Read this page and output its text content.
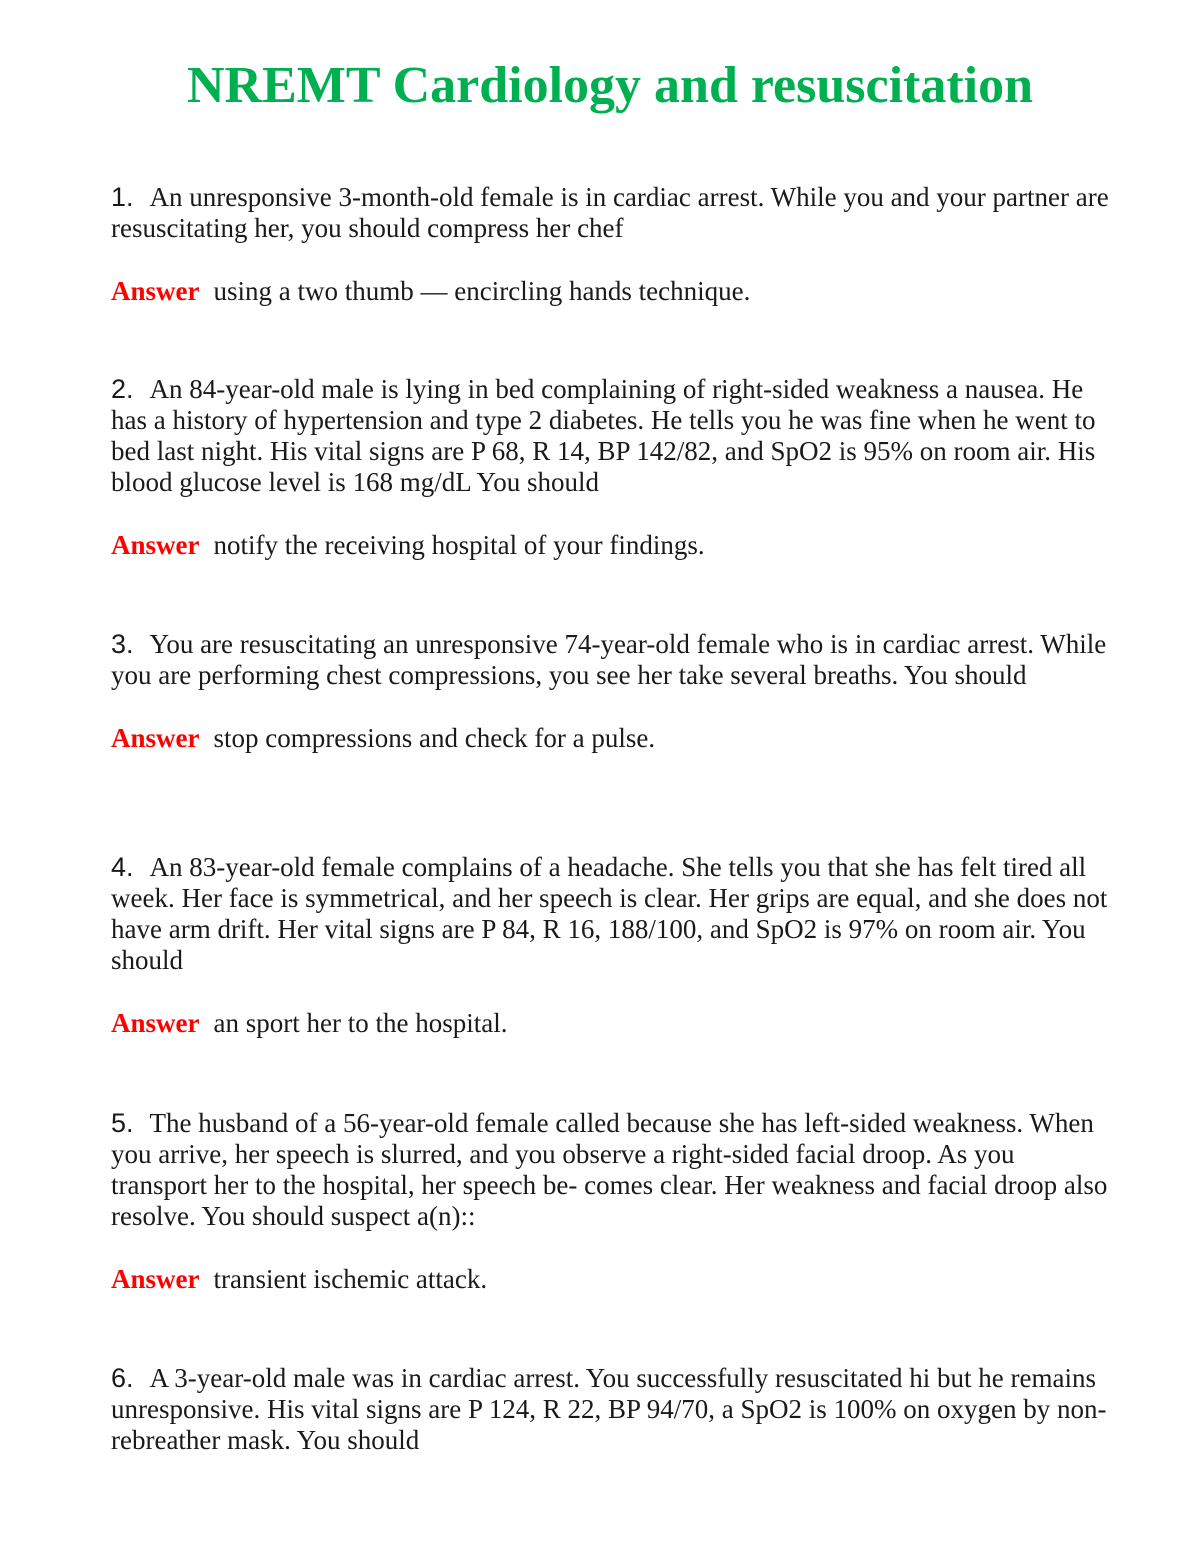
NREMT Cardiology and resuscitation

1. An unresponsive 3-month-old female is in cardiac arrest. While you and your partner are resuscitating her, you should compress her chef

Answer using a two thumb — encircling hands technique.

2. An 84-year-old male is lying in bed complaining of right-sided weakness a nausea. He has a history of hypertension and type 2 diabetes. He tells you he was fine when he went to bed last night. His vital signs are P 68, R 14, BP 142/82, and SpO2 is 95% on room air. His blood glucose level is 168 mg/dL You should

Answer notify the receiving hospital of your findings.

3. You are resuscitating an unresponsive 74-year-old female who is in cardiac arrest. While you are performing chest compressions, you see her take several breaths. You should

Answer stop compressions and check for a pulse.

4. An 83-year-old female complains of a headache. She tells you that she has felt tired all week. Her face is symmetrical, and her speech is clear. Her grips are equal, and she does not have arm drift. Her vital signs are P 84, R 16, 188/100, and SpO2 is 97% on room air. You should

Answer an sport her to the hospital.

5. The husband of a 56-year-old female called because she has left-sided weakness. When you arrive, her speech is slurred, and you observe a right-sided facial droop. As you transport her to the hospital, her speech be- comes clear. Her weakness and facial droop also resolve. You should suspect a(n)::

Answer transient ischemic attack.

6. A 3-year-old male was in cardiac arrest. You successfully resuscitated hi but he remains unresponsive. His vital signs are P 124, R 22, BP 94/70, a SpO2 is 100% on oxygen by non-rebreather mask. You should
